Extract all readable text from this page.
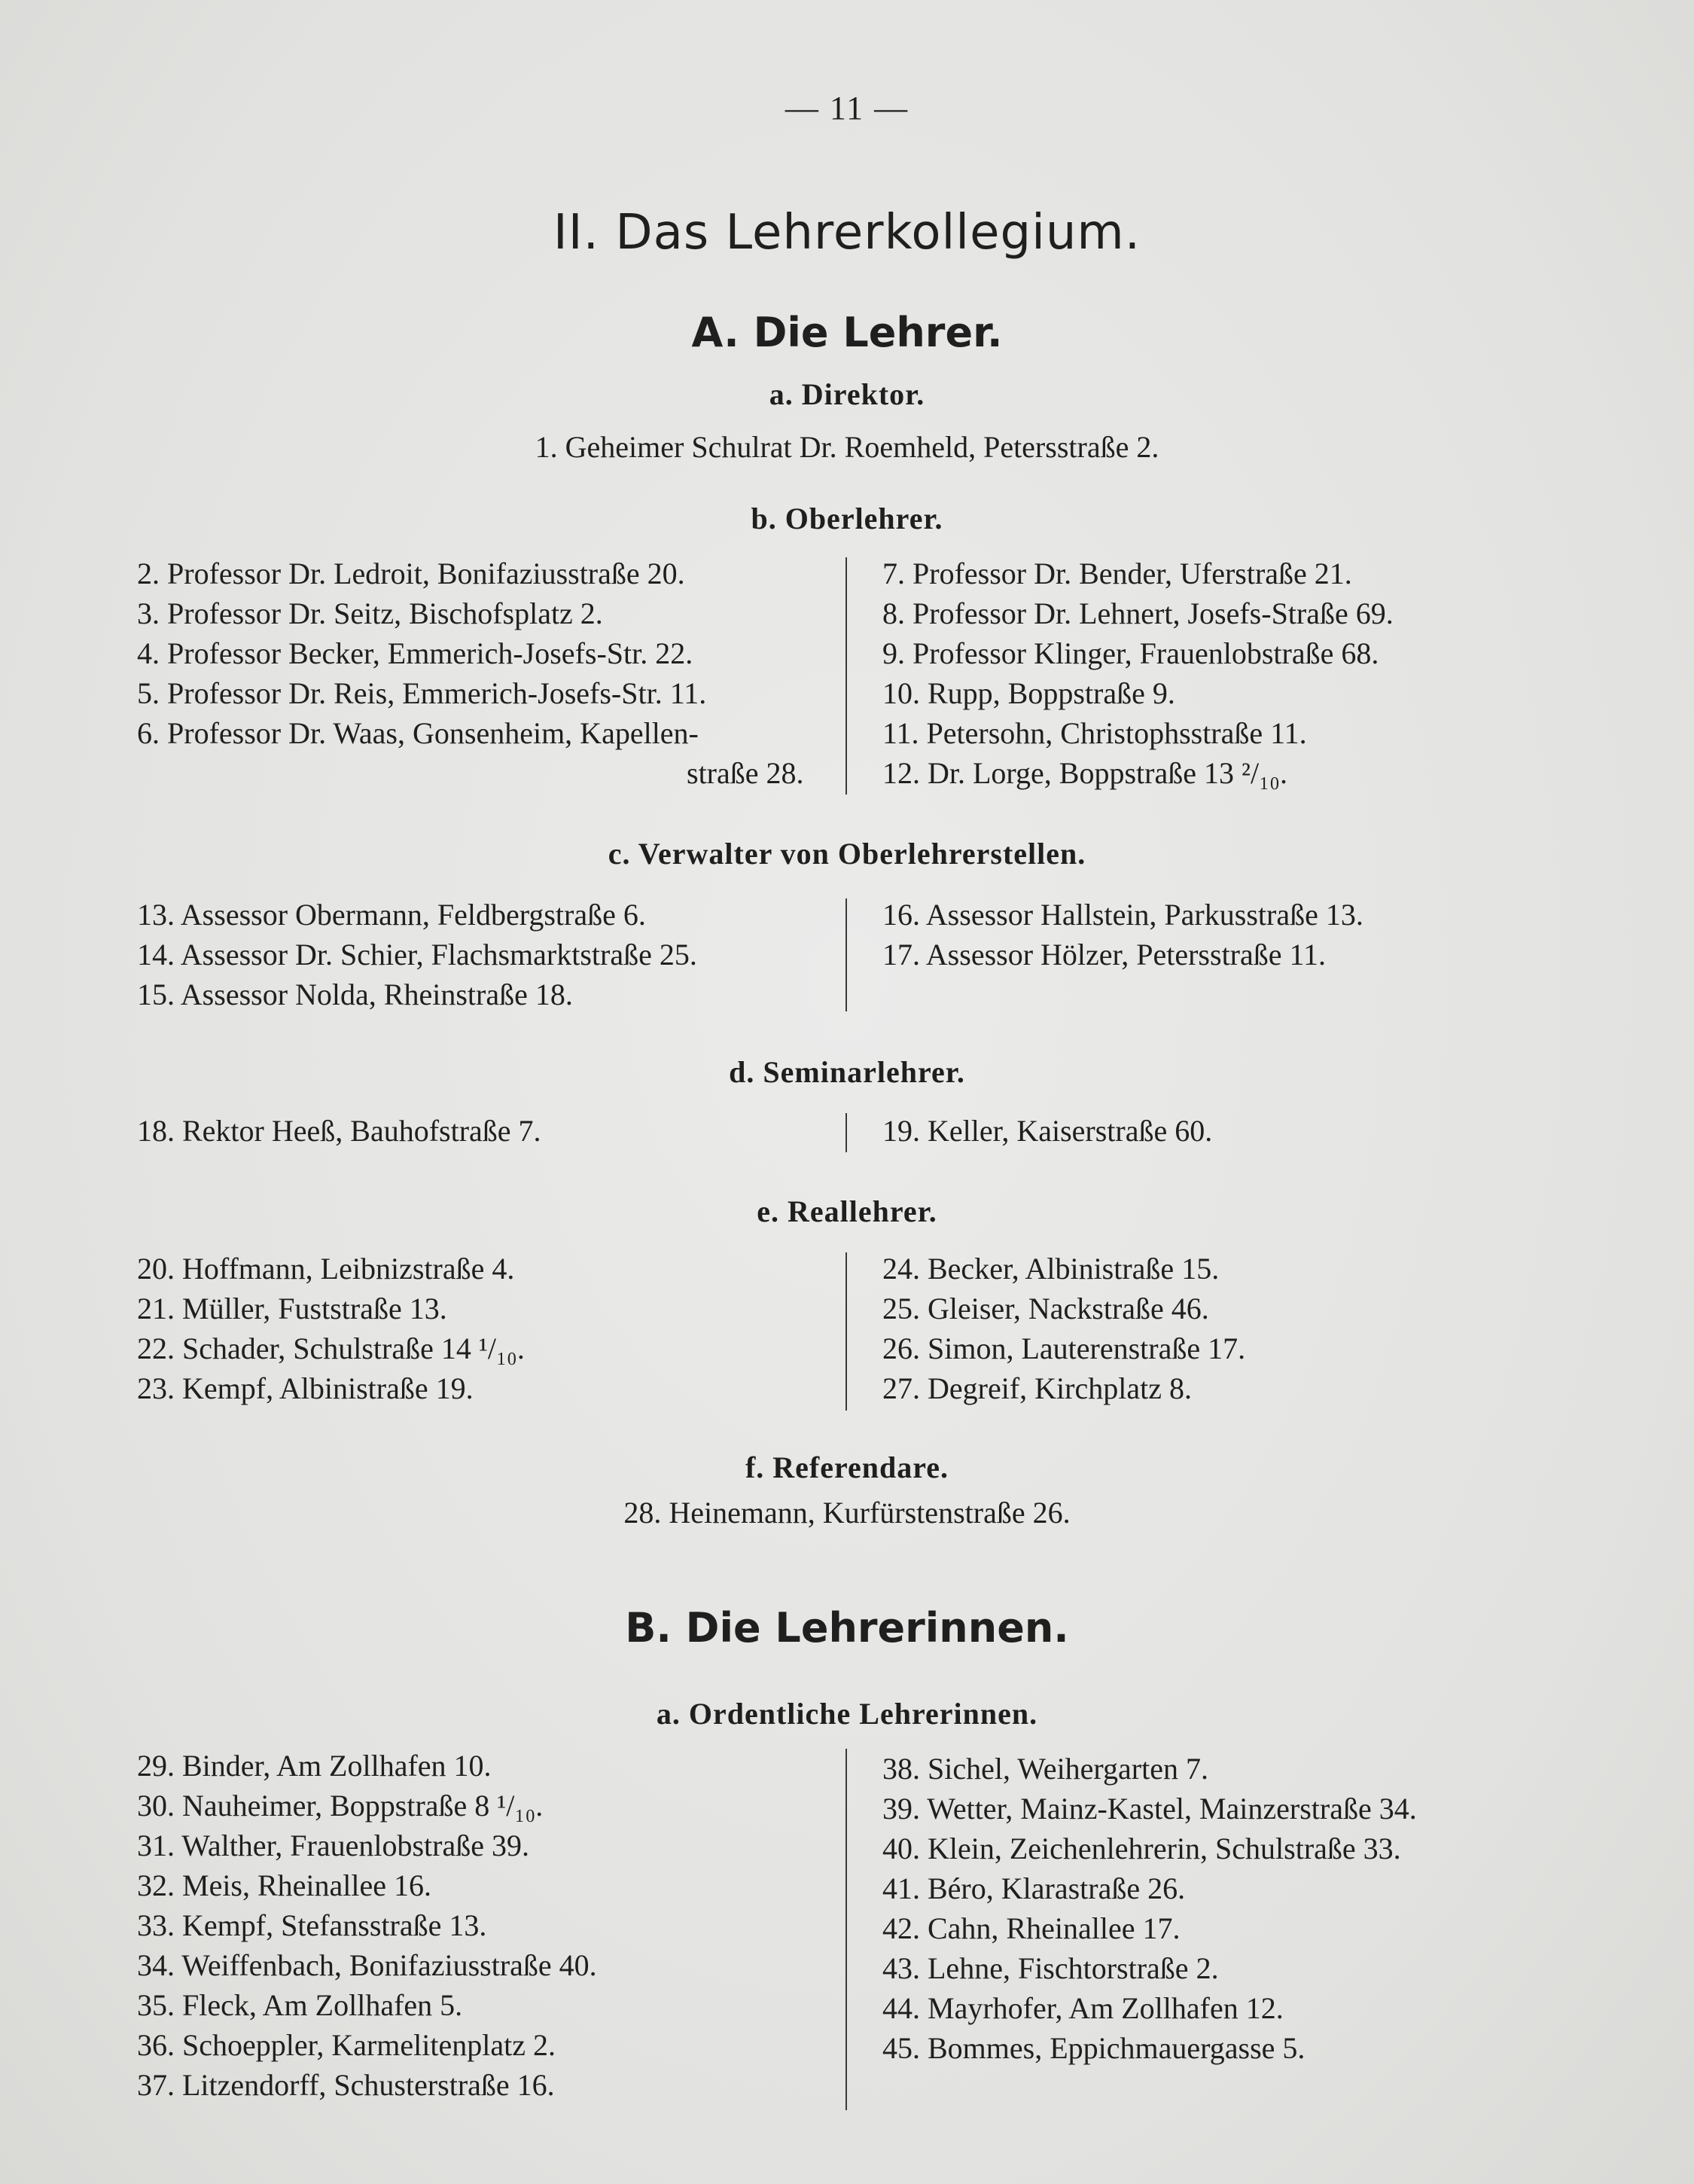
— 11 —
II. Das Lehrerkollegium.
A. Die Lehrer.
a. Direktor.
1. Geheimer Schulrat Dr. Roemheld, Petersstraße 2.
b. Oberlehrer.
2. Professor Dr. Ledroit, Bonifaziusstraße 20.
3. Professor Dr. Seitz, Bischofsplatz 2.
4. Professor Becker, Emmerich-Josefs-Str. 22.
5. Professor Dr. Reis, Emmerich-Josefs-Str. 11.
6. Professor Dr. Waas, Gonsenheim, Kapellen-
straße 28.
7. Professor Dr. Bender, Uferstraße 21.
8. Professor Dr. Lehnert, Josefs-Straße 69.
9. Professor Klinger, Frauenlobstraße 68.
10. Rupp, Boppstraße 9.
11. Petersohn, Christophsstraße 11.
12. Dr. Lorge, Boppstraße 13 ²/₁₀.
c. Verwalter von Oberlehrerstellen.
13. Assessor Obermann, Feldbergstraße 6.
14. Assessor Dr. Schier, Flachsmarktstraße 25.
15. Assessor Nolda, Rheinstraße 18.
16. Assessor Hallstein, Parkusstraße 13.
17. Assessor Hölzer, Petersstraße 11.
d. Seminarlehrer.
18. Rektor Heeß, Bauhofstraße 7.	19. Keller, Kaiserstraße 60.
e. Reallehrer.
20. Hoffmann, Leibnizstraße 4.
21. Müller, Fuststraße 13.
22. Schader, Schulstraße 14 ¹/₁₀.
23. Kempf, Albinistraße 19.
24. Becker, Albinistraße 15.
25. Gleiser, Nackstraße 46.
26. Simon, Lauterenstraße 17.
27. Degreif, Kirchplatz 8.
f. Referendare.
28. Heinemann, Kurfürstenstraße 26.
B. Die Lehrerinnen.
a. Ordentliche Lehrerinnen.
29. Binder, Am Zollhafen 10.
30. Nauheimer, Boppstraße 8 ¹/₁₀.
31. Walther, Frauenlobstraße 39.
32. Meis, Rheinallee 16.
33. Kempf, Stefansstraße 13.
34. Weiffenbach, Bonifaziusstraße 40.
35. Fleck, Am Zollhafen 5.
36. Schoeppler, Karmelitenplatz 2.
37. Litzendorff, Schusterstraße 16.
38. Sichel, Weihergarten 7.
39. Wetter, Mainz-Kastel, Mainzerstraße 34.
40. Klein, Zeichenlehrerin, Schulstraße 33.
41. Béro, Klarastraße 26.
42. Cahn, Rheinallee 17.
43. Lehne, Fischtorstraße 2.
44. Mayrhofer, Am Zollhafen 12.
45. Bommes, Eppichmauergasse 5.
